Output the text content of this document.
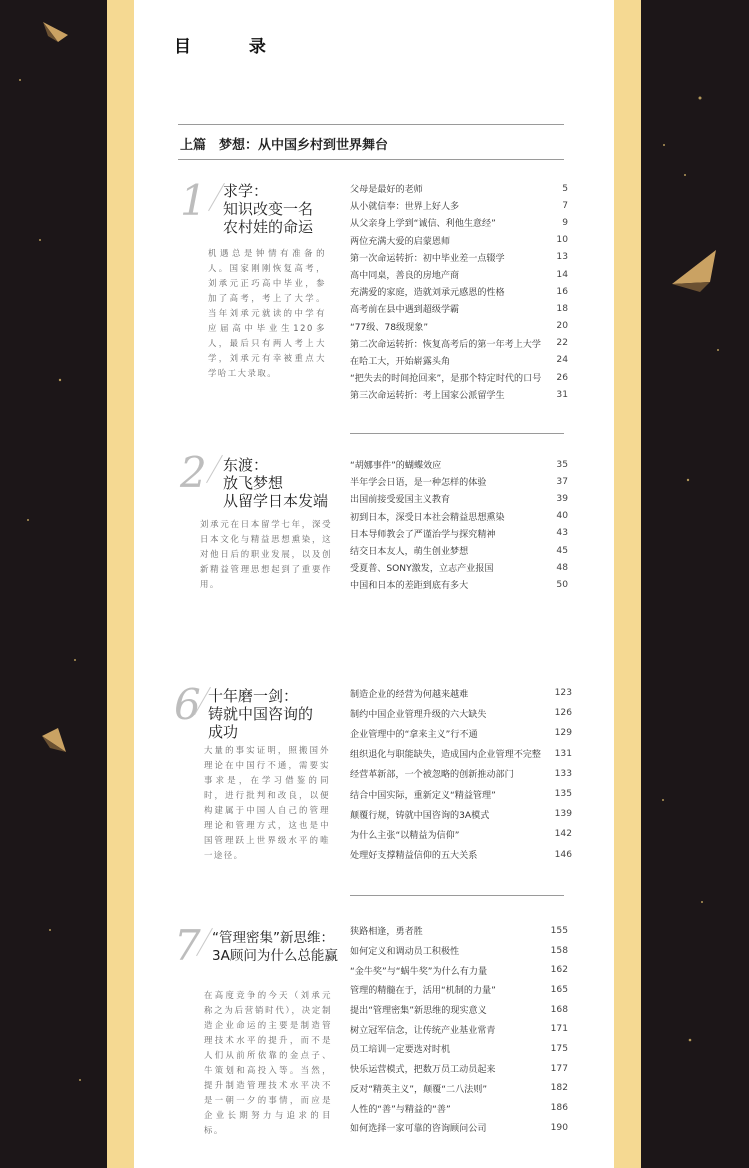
目 录
上篇　梦想：从中国乡村到世界舞台
1 求学：
知识改变一名
农村娃的命运
机遇总是钟情有准备的人。国家刚刚恢复高考，刘承元正巧高中毕业，参加了高考，考上了大学。当年刘承元就读的中学有应届高中毕业生120多人，最后只有两人考上大学，刘承元有幸被重点大学哈工大录取。
父母是最好的老师	5
从小就信奉：世界上好人多	7
从父亲身上学到“诚信、利他生意经”	9
两位充满大爱的启蒙恩师	10
第一次命运转折：初中毕业差一点辍学	13
高中同桌，善良的房地产商	14
充满爱的家庭，造就刘承元感恩的性格	16
高考前在县中遇到超级学霸	18
“77级、78级现象”	20
第二次命运转折：恢复高考后的第一年考上大学	22
在哈工大，开始崭露头角	24
“把失去的时间抢回来”，是那个特定时代的口号	26
第三次命运转折：考上国家公派留学生	31
2 东渡：
放飞梦想
从留学日本发端
刘承元在日本留学七年，深受日本文化与精益思想熏染，这对他日后的职业发展，以及创新精益管理思想起到了重要作用。
“胡娜事件”的蝴蝶效应	35
半年学会日语，是一种怎样的体验	37
出国前接受爱国主义教育	39
初到日本，深受日本社会精益思想熏染	40
日本导师教会了严谨治学与探究精神	43
结交日本友人，萌生创业梦想	45
受夏普、SONY激发，立志产业报国	48
中国和日本的差距到底有多大	50
6 十年磨一剑：
铸就中国咨询的
成功
大量的事实证明，照搬国外理论在中国行不通，需要实事求是，在学习借鉴的同时，进行批判和改良，以便构建属于中国人自己的管理理论和管理方式，这也是中国管理跃上世界级水平的唯一途径。
制造企业的经营为何越来越难	123
制约中国企业管理升级的六大缺失	126
企业管理中的“拿来主义”行不通	129
组织退化与职能缺失，造成国内企业管理不完整	131
经营革新部，一个被忽略的创新推动部门	133
结合中国实际，重新定义“精益管理”	135
颠覆行规，铸就中国咨询的3A模式	139
为什么主张“以精益为信仰”	142
处理好支撑精益信仰的五大关系	146
7 “管理密集”新思维：
3A顾问为什么总能赢
在高度竞争的今天（刘承元称之为后营销时代），决定制造企业命运的主要是制造管理技术水平的提升，而不是人们从前所依靠的金点子、牛策划和高投入等。当然，提升制造管理技术水平决不是一朝一夕的事情，而应是企业长期努力与追求的目标。
狭路相逢，勇者胜	155
如何定义和调动员工积极性	158
“金牛奖”与“蜗牛奖”为什么有力量	162
管理的精髓在于，活用“机制的力量”	165
提出“管理密集”新思维的现实意义	168
树立冠军信念，让传统产业基业常青	171
员工培训一定要选对时机	175
快乐运营模式，把数万员工动员起来	177
反对“精英主义”，颠覆“二八法则”	182
人性的“善”与精益的“善”	186
如何选择一家可靠的咨询顾问公司	190
